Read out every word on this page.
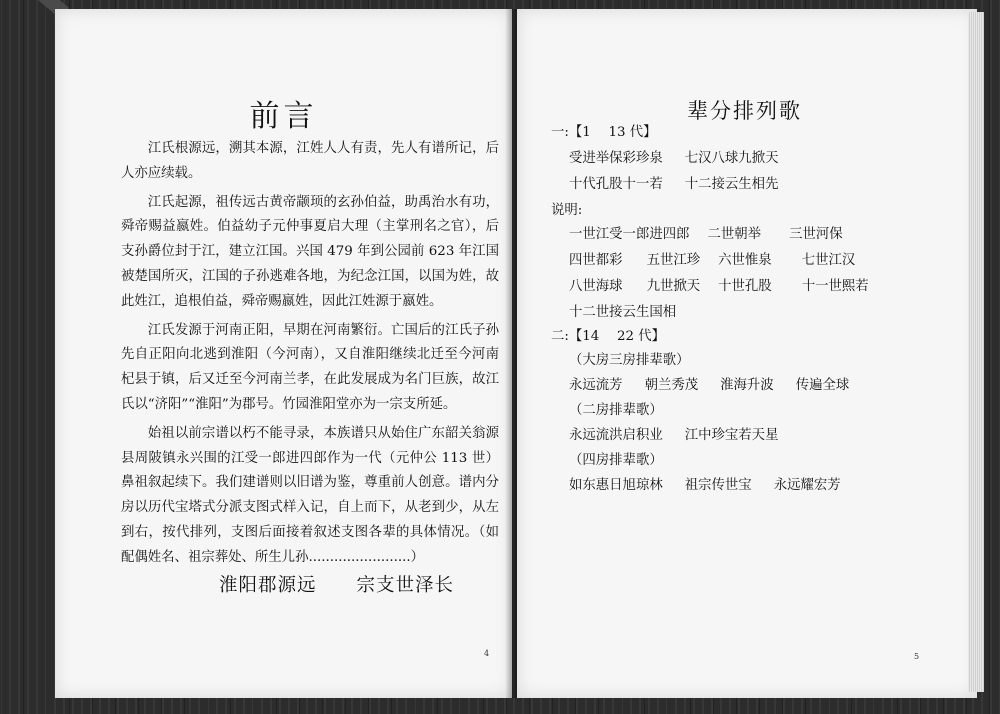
前言

江氏根源远，溯其本源，江姓人人有责，先人有谱所记，后人亦应续载。

江氏起源，祖传远古黄帝颛顼的玄孙伯益，助禹治水有功，舜帝赐益嬴姓。伯益幼子元仲事夏启大理（主掌刑名之官），后支孙爵位封于江，建立江国。兴国 479 年到公园前 623 年江国被楚国所灭，江国的子孙逃难各地，为纪念江国，以国为姓，故此姓江，追根伯益，舜帝赐嬴姓，因此江姓源于嬴姓。

江氏发源于河南正阳，早期在河南繁衍。亡国后的江氏子孙先自正阳向北逃到淮阳（今河南），又自淮阳继续北迁至今河南杞县于镇，后又迁至今河南兰孝，在此发展成为名门巨族，故江氏以“济阳”“淮阳”为郡号。竹园淮阳堂亦为一宗支所延。

始祖以前宗谱以朽不能寻录，本族谱只从始住广东韶关翁源县周陂镇永兴围的江受一郎进四郎作为一代（元仲公 113 世）鼻祖叙起续下。我们建谱则以旧谱为鉴，尊重前人创意。谱内分房以历代宝塔式分派支图式样入记，自上而下，从老到少，从左到右，按代排列，支图后面接着叙述支图各辈的具体情况。（如配偶姓名、祖宗葬处、所生儿孙........................）

淮阳郡源远 宗支世泽长
4

辈分排列歌
一:【1　 13 代】
受进举保彩珍泉 七汉八球九掀天
十代孔股十一若 十二接云生相先
说明:
一世江受一郎进四郎 二世朝举 三世河保
四世都彩 五世江珍 六世惟泉 七世江汉
八世海球 九世掀天 十世孔股 十一世熙若
十二世接云生国相
二:【14　 22 代】
（大房三房排辈歌）
永远流芳 朝兰秀茂 淮海升波 传遍全球
（二房排辈歌）
永远流洪启积业 江中珍宝若天星
（四房排辈歌）
如东惠日旭琼林 祖宗传世宝 永远耀宏芳
5
